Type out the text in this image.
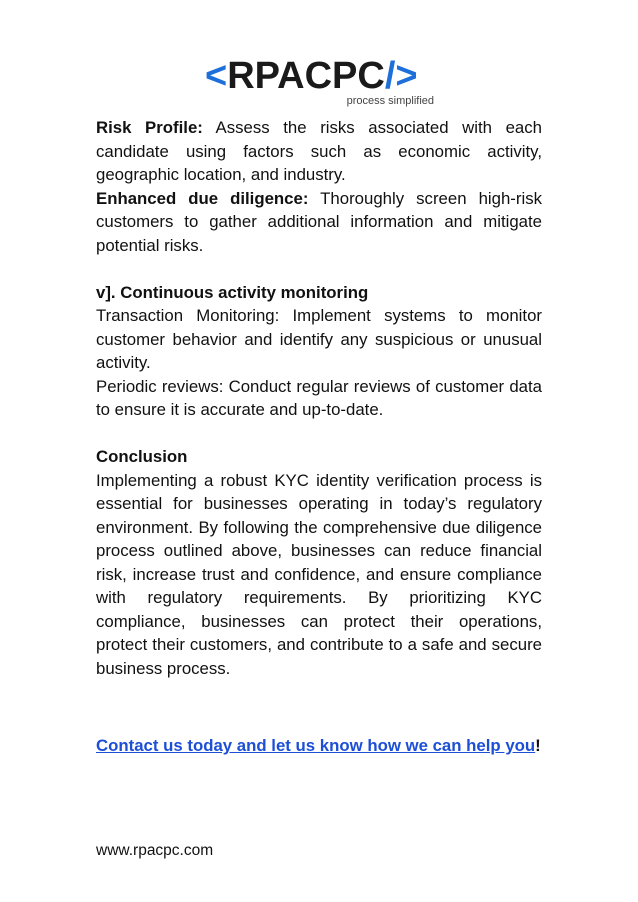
<RPACPC/>
process simplified

Risk Profile: Assess the risks associated with each candidate using factors such as economic activity, geographic location, and industry.

Enhanced due diligence: Thoroughly screen high-risk customers to gather additional information and mitigate potential risks.

v]. Continuous activity monitoring

Transaction Monitoring: Implement systems to monitor customer behavior and identify any suspicious or unusual activity.

Periodic reviews: Conduct regular reviews of customer data to ensure it is accurate and up-to-date.

Conclusion

Implementing a robust KYC identity verification process is essential for businesses operating in today’s regulatory environment. By following the comprehensive due diligence process outlined above, businesses can reduce financial risk, increase trust and confidence, and ensure compliance with regulatory requirements. By prioritizing KYC compliance, businesses can protect their operations, protect their customers, and contribute to a safe and secure business process.

Contact us today and let us know how we can help you!

www.rpacpc.com
